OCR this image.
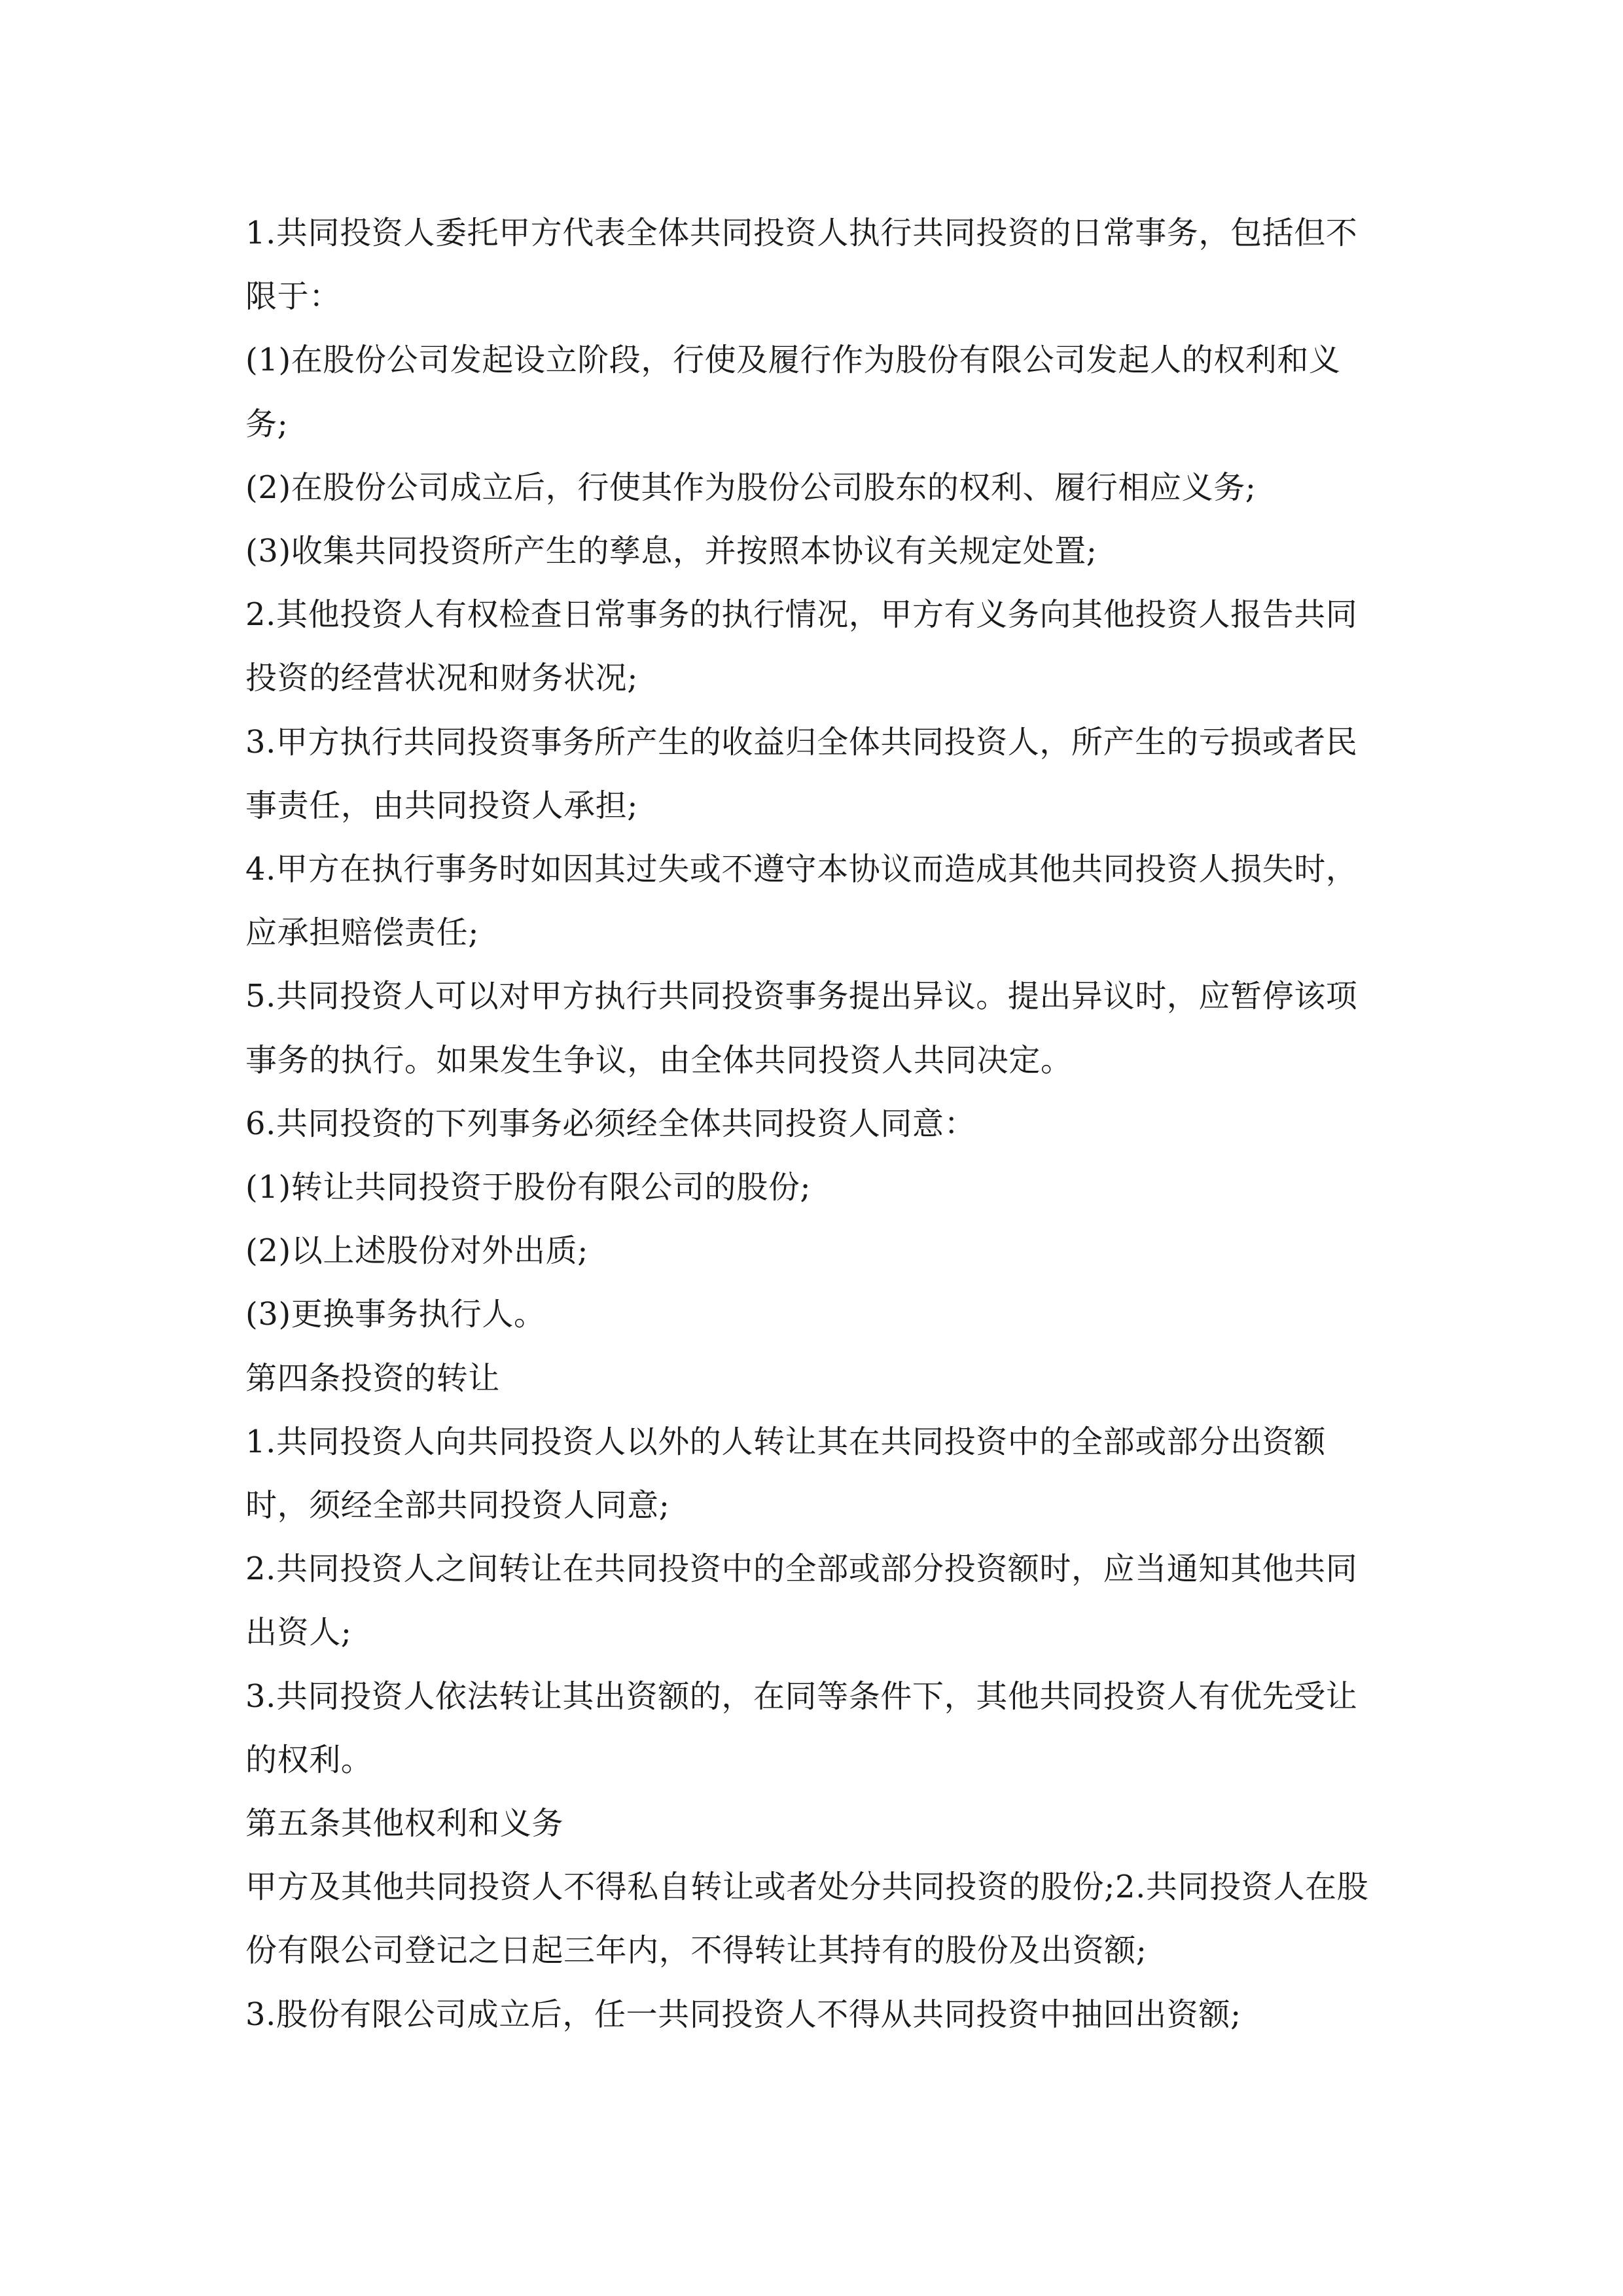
1.共同投资人委托甲方代表全体共同投资人执行共同投资的日常事务，包括但不限于：

(1)在股份公司发起设立阶段，行使及履行作为股份有限公司发起人的权利和义务;

(2)在股份公司成立后，行使其作为股份公司股东的权利、履行相应义务;

(3)收集共同投资所产生的孳息，并按照本协议有关规定处置;

2.其他投资人有权检查日常事务的执行情况，甲方有义务向其他投资人报告共同投资的经营状况和财务状况;

3.甲方执行共同投资事务所产生的收益归全体共同投资人，所产生的亏损或者民事责任，由共同投资人承担;

4.甲方在执行事务时如因其过失或不遵守本协议而造成其他共同投资人损失时，应承担赔偿责任;

5.共同投资人可以对甲方执行共同投资事务提出异议。提出异议时，应暂停该项事务的执行。如果发生争议，由全体共同投资人共同决定。

6.共同投资的下列事务必须经全体共同投资人同意：

(1)转让共同投资于股份有限公司的股份;

(2)以上述股份对外出质;

(3)更换事务执行人。

第四条投资的转让

1.共同投资人向共同投资人以外的人转让其在共同投资中的全部或部分出资额时，须经全部共同投资人同意;

2.共同投资人之间转让在共同投资中的全部或部分投资额时，应当通知其他共同出资人;

3.共同投资人依法转让其出资额的，在同等条件下，其他共同投资人有优先受让的权利。

第五条其他权利和义务

甲方及其他共同投资人不得私自转让或者处分共同投资的股份;2.共同投资人在股份有限公司登记之日起三年内，不得转让其持有的股份及出资额;

3.股份有限公司成立后，任一共同投资人不得从共同投资中抽回出资额;
